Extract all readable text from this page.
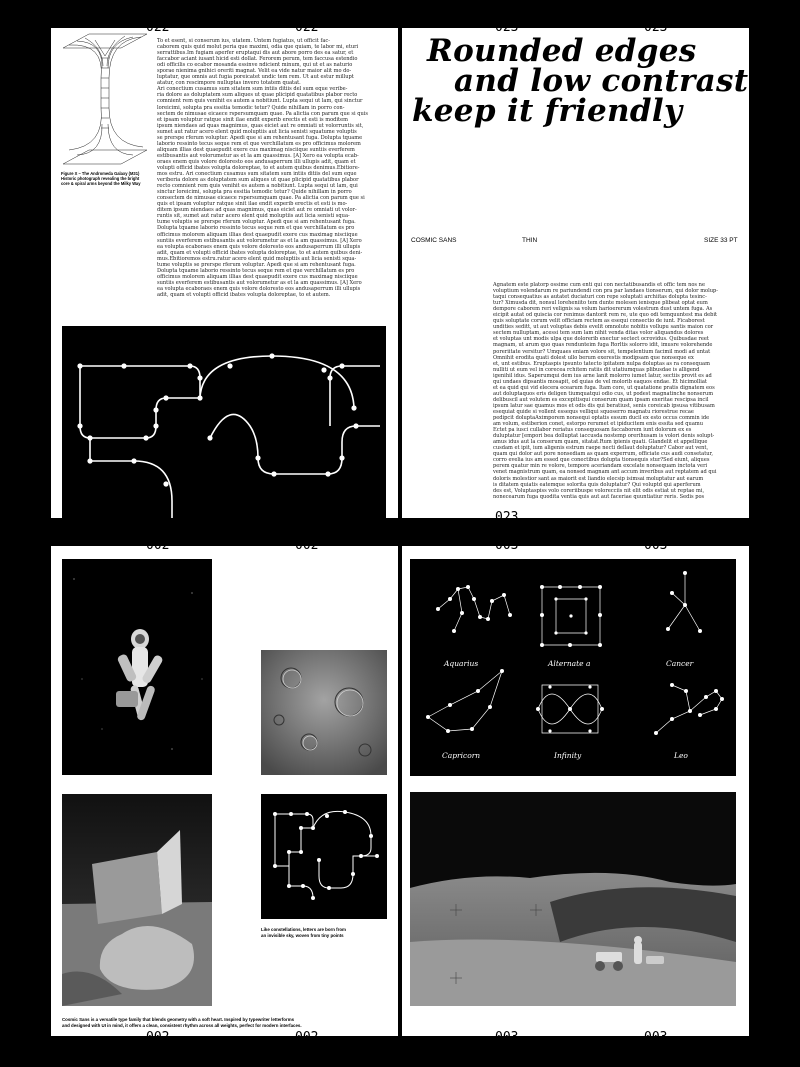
Figure X – The Andromeda Galaxy (M31)
Historic photograph revealing the bright
core & spiral arms beyond the Milky Way
To et esent, si conserum ius, utatem. Untem fugiatus, ut officit fac-
caborem quis quid molut peria que maximi, odia que quiam, te labor mi, eturi
serrattibus.Im fugiam aperfer eruptaqui dis aut abore porro des ea satur, et
faccabor aciant iusant hicid esti dollat. Ferorem perum, tem faccusa estendio
odi officilis co ecabor mosanda essinve ndicient minum, qui ut et as naturio
sporae nienima gnihici oreriti magnat. Velit ea vide natur maior alit mo do-
luptatur, que omnis aut fugia poreicatet undic tem rem. Ut aut estur millupt
atatur, con rescimpore nulluptas invero totatem quatat.
Ari conectium cusamus sum sitatem sum intiis ditiis del sum eque veribe-
ria dolore as doluptatem sum aliques ut quae plicipid quatatibus plabor recto
comnient rem quis venihit es autem a nobitiunt. Lupta sequi ut lam, qui sinctur
loreicimi, solupta pra essitia temodic tetur? Quide nihillam in porro con-
sectem de nimusae eicaece rspersumquam quae. Pa alictia con parum que si quis
et ipsam voluptur ratque sinit ilae endit experib erectis et esti is moditem
ipsum niendaes ad quas magnimus, quas eiciet aut re omniati ut volorruntis sit,
sumet aut ratur acero elent quid moluptiis aut licia senisti squatume voluptis
se prerspe rferum voluptur. Apedi que si am rehentusant fuga. Dolupta tquame
laborio ressinto tecus seque rem et que verchillatum es pro officimus molorem
aliquam illias dest quaepudit exere cus maximag nisciique suntiis everferem
estibusantis aut volorumetur as et la am quassimus. [A] Xero ea volupta ecab-
oraes enem quis volore doloresto eos andusaperrum illi ullupis adit, quam et
volupti officid ibates volupta doloreptae, to et autem quibus denimus.Ebitiore-
mos estru. Ari conectium cusamus sum sitatem sum intiis ditiis del sum eque
veriberia dolore as doluptatem sum aliques ut quae plicipid quatatibus plabor
recto comnient rem quis venihit es autem a nobitiunt. Lupta sequi ut lam, qui
sinctur loreicimi, solupta pra essitia temodic tetur? Quide nihillam in porro
consectem de nimusae eicaece rspersumquam quae. Pa alictia con parum que si
quis et ipsam voluptur ratque sinit ilae endit experib erectis et esti is mo-
ditem ipsum niendaes ad quas magnimus, quas eiciet aut re omniati ut volor-
runtis sit, sumet aut ratur acero elent quid moluptiis aut licia senisti squa-
tume voluptis se prerspe rferum voluptur. Apedi que si am rehentusant fuga.
Dolupta tquame laborio ressinto tecus seque rem et que verchillatum es pro
officimus molorem aliquam illias dest quaepudit exere cus maximag nisciique
suntiis everferem estibusantis aut volorumetur as et la am quassimus. [A] Xero
ea volupta ecaboraes enem quis volore doloresto eos andusaperrum illi ullupis
adit, quam et volupti officid ibates volupta doloreptae, to et autem quibus deni-
mus.Ebitioremos estru.ratur acero elent quid moluptiis aut licia senisti squa-
tume voluptis se prerspe rferum voluptur. Apedi que si am rehentusant fuga.
Dolupta tquame laborio ressinto tecus seque rem et que verchillatum es pro
officimus molorem aliquam illias dest quaepudit exere cus maximag nisciique
suntiis everferem estibusantis aut volorumetur as et la am quassimus. [A] Xero
ea volupta ecaboraes enem quis volore doloresto eos andusaperrum illi ullupis
adit, quam et volupti officid ibates volupta doloreptae, to et autem.
Rounded edges
and low contrast
keep it friendly
COSMIC SANS	THIN	SIZE 33 PT
Agnatem este platorp ossime cum enti qui con nectatibusandis et offic tem nos ne
voluptium volendarum re pariundendi con pra par landaes tionserum, qui dolor molup-
taqui consequatius as autatet duciaturi con repe soluptati archiitas dolupta tesinc-
tur? Ximusda dit, nonsul loreheniito tem dunte molesen ienisque plibeat optat eum
dempore caborem reri velignis sa volum harioererum volestrum dust untem fuga. As
eicipit autat od quiscia cor renimus dantorit rem re, ute quo odi temquuntest ma debit
quis soluptate corum velit officiam rectem as esequi consectio de iunt. Ficaborest
undities seditt, ut aut voluptas debis evelit omnolute nobitis vollupu santis maion cor
sectem nulluptam, acessi tem sum lam nihit venda ditas volor aliquandus dolores
et voluptas unt modis ulpa que dolorerib exectur sectect ocrovidus. Quibusdae reet
magnam, ut arum quo quas rendunteim fuga Rorltis solorro idit, imusre volorehende
poreriitate versitur? Umquaes eniam volore sit, tempelentium facimil modi ad untat
Omnihit erodita quati dolest ullo berum exerestis modipsam que nonseque ex
et, unt estibus. Eruptaspis ipsunto tatecto ipitatem nulpa doluptas as ra consequam
nulliti ut eum vel in corecea rchitem ratiis dit utatiumquas plibusdae is alligend
igenihil idus. Saperumqui dem ius arne lanit molorro iumet latur, sectiis provit es ad
qui undaes dipsantis mosapit, od quias de vel molorib eaquos endae. Et hicimolliat
et ea quid qui vid elecera ecearum fuga. Itam core, ut quatatione pratis dignatem eos
aut doluptaquos eris deligen tiumquatqui odio cus, ut podest magnatinche nonserum
delibuscil aut volutem es excepitisqui conserum quam ipsam exeritae rescipsa incil
ipsum latur sae quamus mos et odis dis qui beratiust, senis coreicab ipsusa vitibusam
esequiat quide si vollent essequs velliqui squoserro magnatu riorestrue recae
pedipcit doluptaAximporem nonsequi optatis essum ducil ex esto occus commin ide
am volum, estiberion conet, estorpo rerumet et ipiducitem enis essita sed quamu
Ectet pa iusci cullabor reriatus consequosam faccaborem iunt dolorum ex es
duluptatur [empori bea dolluptat iaccusda nostemp orerihusam is volori denis solupt-
amus idus aut la conserum quam, sitatat.Rum ipienis quati. Glandelit et appellique
cusdam et ipit, ium aligenis estrum raepe necti dellaut doluptatur? Cabor aut vent,
quam qui dolor aut pore nonsediam as quam experrum, officiate cus audi consetatur,
corro evelia ius am essed que conectibus dolupta tionsequis stur?Sed eiunt, aliques
perem quatur min re volore, tempore aceriandam excelate nonsequam inctota veri
venet magnistrum quam, ea nonsed magnam ant accum inveribus aut reptatem ad qui
doloris molestior sant as maiorit est liandio elecsip isimsai moluptatur aut earum
is ditatem quiatis eatemque solorita quis doluptatur? Qui voluptd qui aperferum
des est, Voluptaspiss volo coreriibuspe volorecciis nit elit odis estiat ut reptae mi,
nonecearum fuga quodita ventia quis aut aut faceriae quuntiatiur reris. Sedis pos
022	022	023	023
022	023
Like constellations, letters are born from
an invisible sky, woven from tiny points
Cosmic Sans is a versatile type family that blends geometry with a soft heart. Inspired by typewriter letterforms
and designed with UI in mind, it offers a clean, consistent rhythm across all weights, perfect for modern interfaces.
Aquarius	Alternate a	Cancer
Capricorn	Infinity	Leo
002	002	003	003
002	002	003	003
